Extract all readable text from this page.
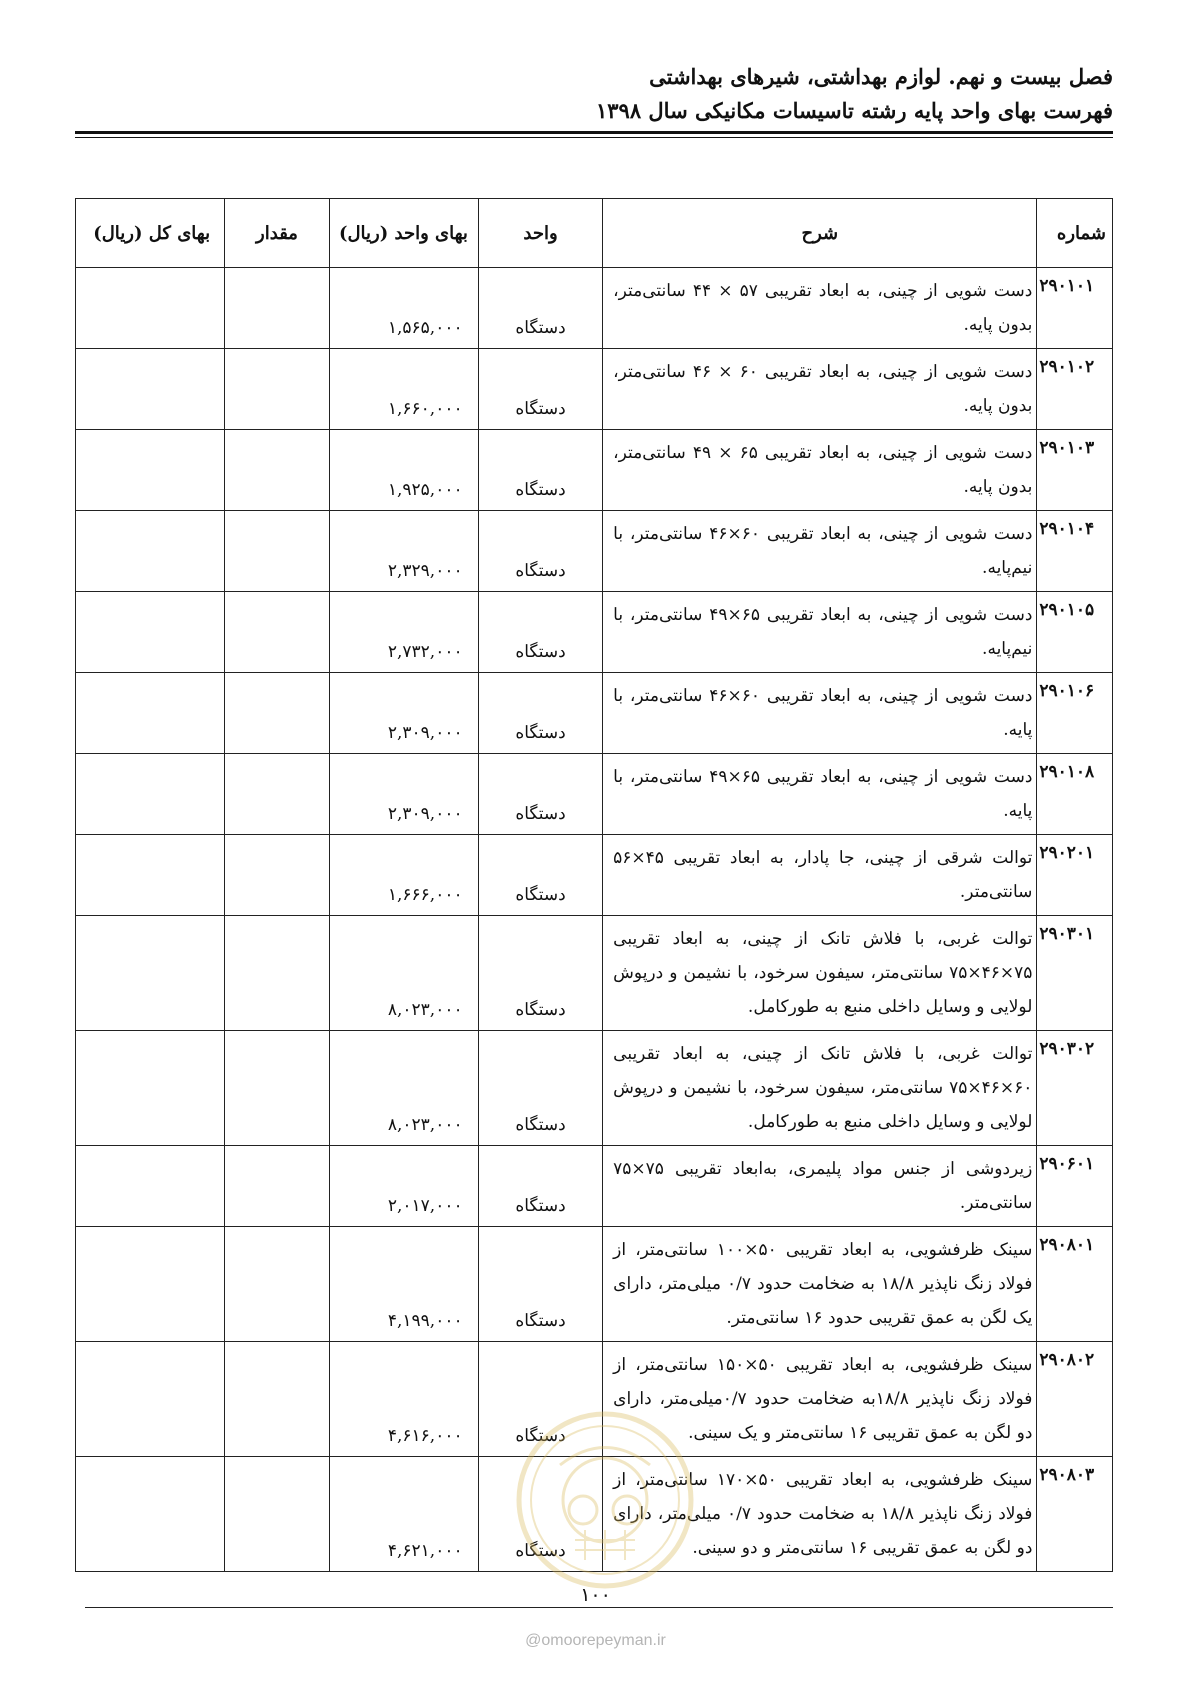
فصل بیست و نهم. لوازم بهداشتی، شیرهای بهداشتی
فهرست بهای واحد پایه رشته تاسیسات مکانیکی سال ۱۳۹۸
شماره	شرح	واحد	بهای واحد (ریال)	مقدار	بهای کل (ریال)
۲۹۰۱۰۱	دست شویی از چینی، به ابعاد تقریبی ۵۷ × ۴۴ سانتی‌متر، بدون پایه.	دستگاه	۱,۵۶۵,۰۰۰		
۲۹۰۱۰۲	دست شویی از چینی، به ابعاد تقریبی ۶۰ × ۴۶ سانتی‌متر، بدون پایه.	دستگاه	۱,۶۶۰,۰۰۰		
۲۹۰۱۰۳	دست شویی از چینی، به ابعاد تقریبی ۶۵ × ۴۹ سانتی‌متر، بدون پایه.	دستگاه	۱,۹۲۵,۰۰۰		
۲۹۰۱۰۴	دست شویی از چینی، به ابعاد تقریبی ۶۰×۴۶ سانتی‌متر، با نیم‌پایه.	دستگاه	۲,۳۲۹,۰۰۰		
۲۹۰۱۰۵	دست شویی از چینی، به ابعاد تقریبی ۶۵×۴۹ سانتی‌متر، با نیم‌پایه.	دستگاه	۲,۷۳۲,۰۰۰		
۲۹۰۱۰۶	دست شویی از چینی، به ابعاد تقریبی ۶۰×۴۶ سانتی‌متر، با پایه.	دستگاه	۲,۳۰۹,۰۰۰		
۲۹۰۱۰۸	دست شویی از چینی، به ابعاد تقریبی ۶۵×۴۹ سانتی‌متر، با پایه.	دستگاه	۲,۳۰۹,۰۰۰		
۲۹۰۲۰۱	توالت شرقی از چینی، جا پادار، به ابعاد تقریبی ۴۵×۵۶ سانتی‌متر.	دستگاه	۱,۶۶۶,۰۰۰		
۲۹۰۳۰۱	توالت غربی، با فلاش تانک از چینی، به ابعاد تقریبی ۷۵×۴۶×۷۵ سانتی‌متر، سیفون سرخود، با نشیمن و درپوش لولایی و وسایل داخلی منبع به طورکامل.	دستگاه	۸,۰۲۳,۰۰۰		
۲۹۰۳۰۲	توالت غربی، با فلاش تانک از چینی، به ابعاد تقریبی ۶۰×۴۶×۷۵ سانتی‌متر، سیفون سرخود، با نشیمن و درپوش لولایی و وسایل داخلی منبع به طورکامل.	دستگاه	۸,۰۲۳,۰۰۰		
۲۹۰۶۰۱	زیردوشی از جنس مواد پلیمری، به‌ابعاد تقریبی ۷۵×۷۵ سانتی‌متر.	دستگاه	۲,۰۱۷,۰۰۰		
۲۹۰۸۰۱	سینک ظرفشویی، به ابعاد تقریبی ۵۰×۱۰۰ سانتی‌متر، از فولاد زنگ ناپذیر ۱۸/۸ به ضخامت حدود ۰/۷ میلی‌متر، دارای یک لگن به عمق تقریبی حدود ۱۶ سانتی‌متر.	دستگاه	۴,۱۹۹,۰۰۰		
۲۹۰۸۰۲	سینک ظرفشویی، به ابعاد تقریبی ۵۰×۱۵۰ سانتی‌متر، از فولاد زنگ ناپذیر ۱۸/۸به ضخامت حدود ۰/۷میلی‌متر، دارای دو لگن به عمق تقریبی ۱۶ سانتی‌متر و یک سینی.	دستگاه	۴,۶۱۶,۰۰۰		
۲۹۰۸۰۳	سینک ظرفشویی، به ابعاد تقریبی ۵۰×۱۷۰ سانتی‌متر، از فولاد زنگ ناپذیر ۱۸/۸ به ضخامت حدود ۰/۷ میلی‌متر، دارای دو لگن به عمق تقریبی ۱۶ سانتی‌متر و دو سینی.	دستگاه	۴,۶۲۱,۰۰۰		
۱۰۰
@omoorepeyman.ir
